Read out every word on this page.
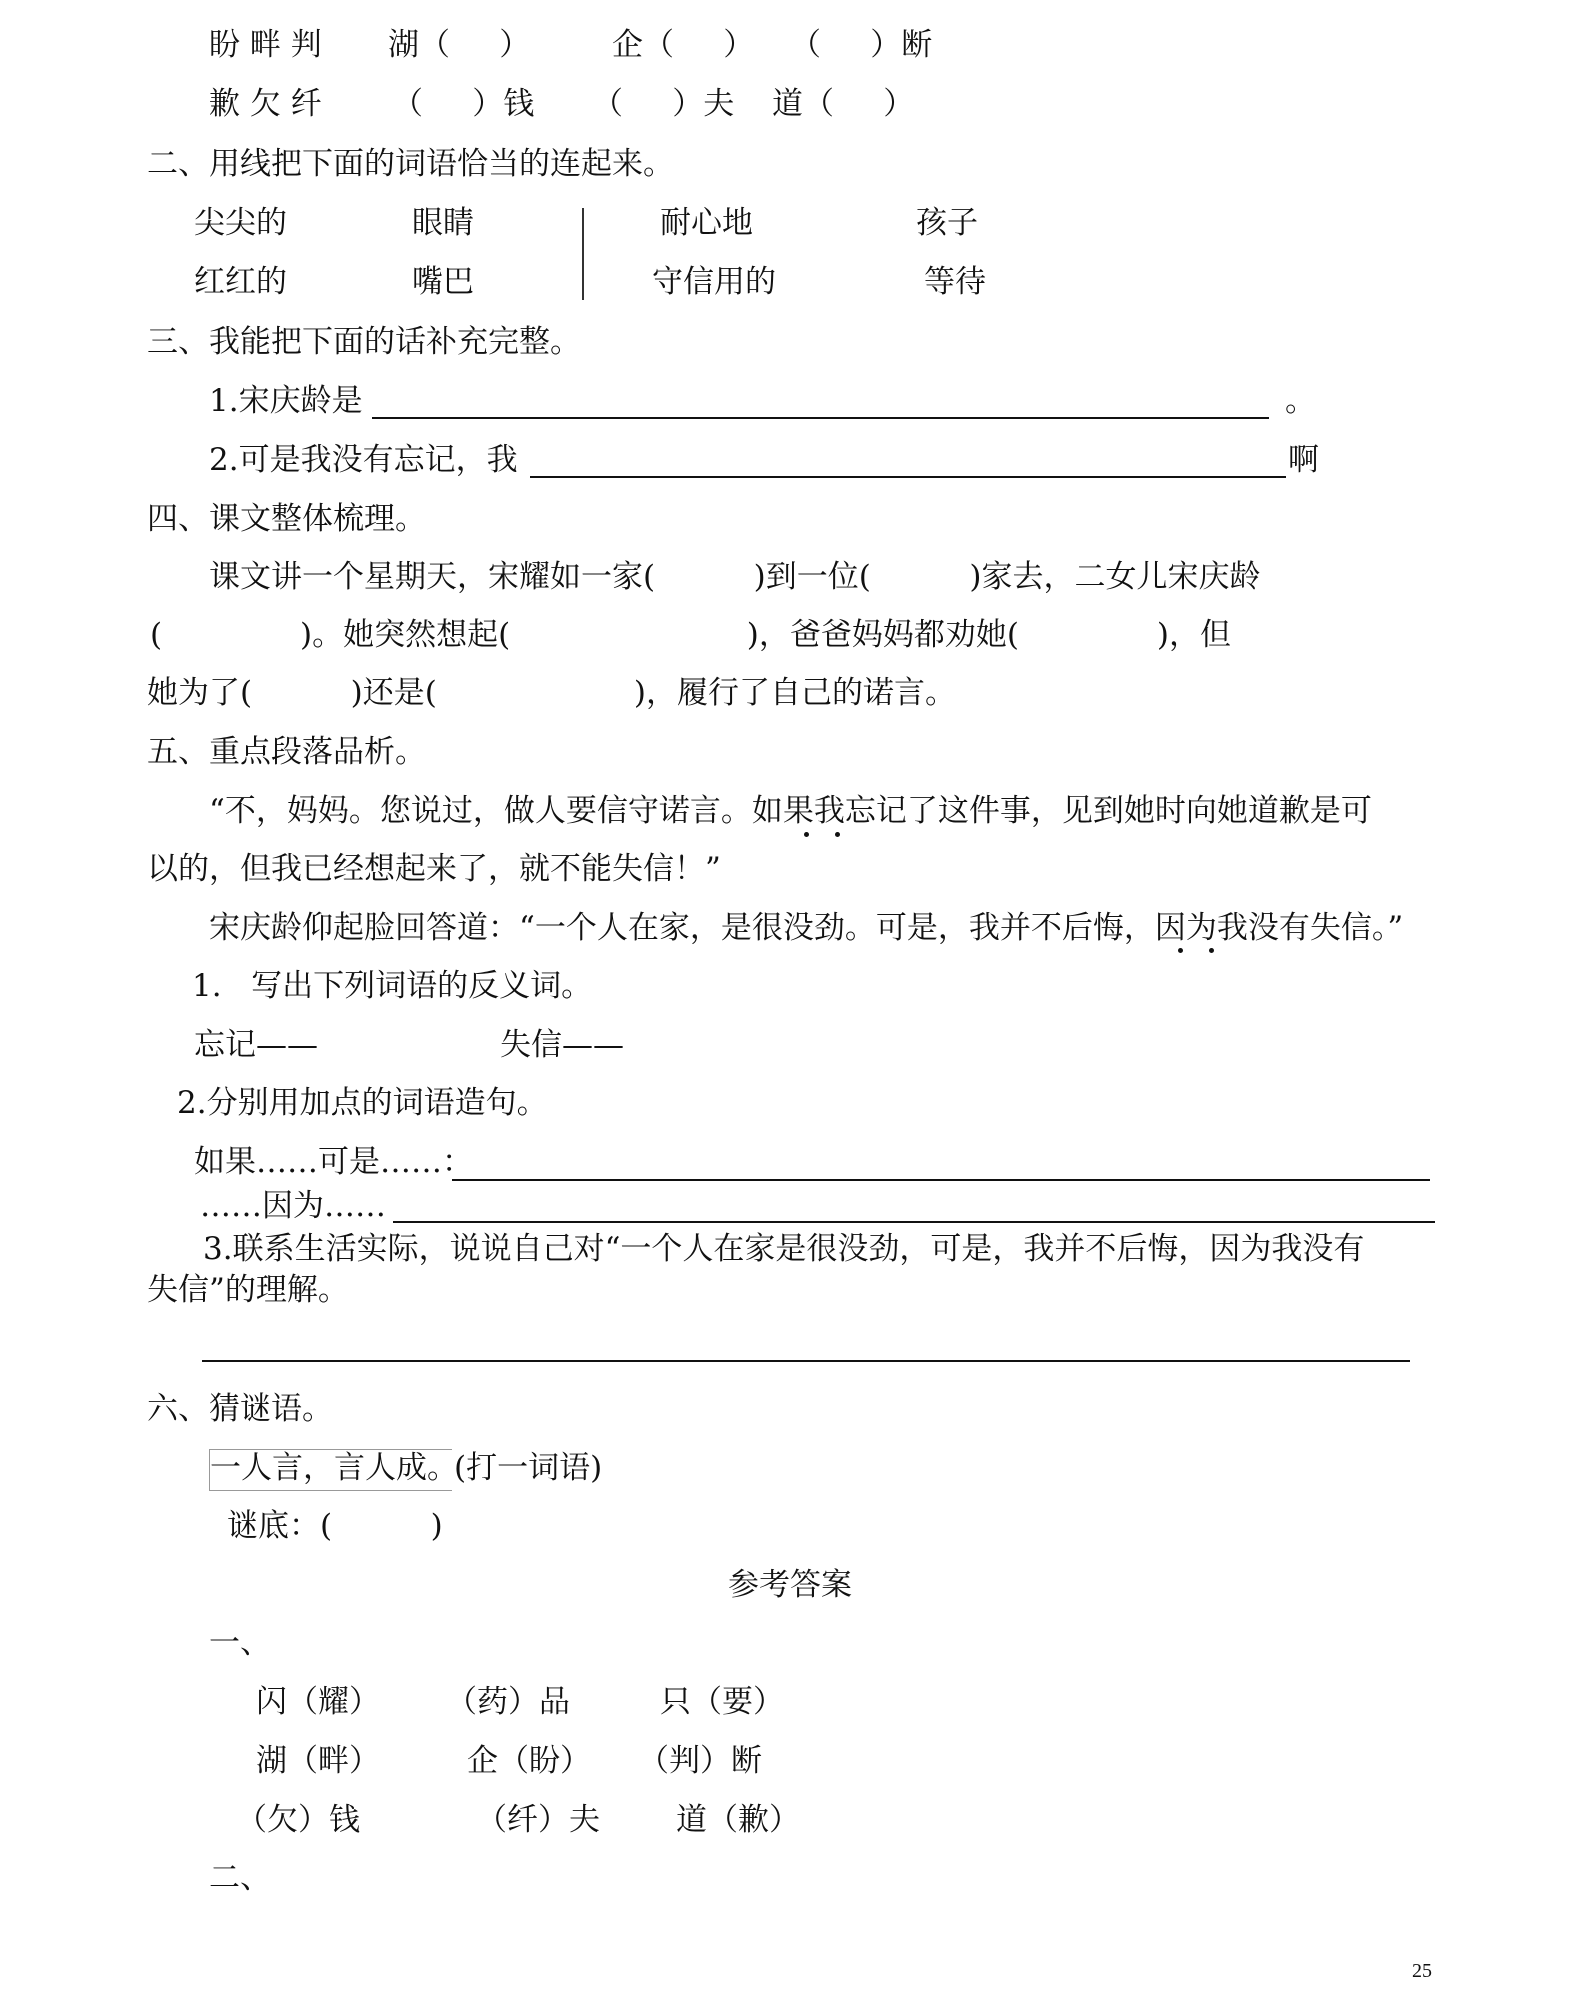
盼 畔 判 湖（     ）	企（     ） （     ）断
歉 欠 纤 （     ）钱 （     ）夫 道（     ）
二、用线把下面的词语恰当的连起来。
尖尖的	眼睛	耐心地	孩子
红红的	嘴巴	守信用的	等待
三、我能把下面的话补充完整。
1.宋庆龄是	。
2.可是我没有忘记，我	啊
四、课文整体梳理。
课文讲一个星期天，宋耀如一家(          )到一位(          )家去，二女儿宋庆龄
(              )。她突然想起(                        )，爸爸妈妈都劝她(              )，但
她为了(          )还是(                    )，履行了自己的诺言。
五、重点段落品析。
“不，妈妈。您说过，做人要信守诺言。如果我忘记了这件事，见到她时向她道歉是可
以的，但我已经想起来了，就不能失信！”
宋庆龄仰起脸回答道：“一个人在家，是很没劲。可是，我并不后悔，因为我没有失信。”
1.   写出下列词语的反义词。
忘记——	失信——
2.分别用加点的词语造句。
如果……可是……：
……因为……
3.联系生活实际，说说自己对“一个人在家是很没劲，可是，我并不后悔，因为我没有
失信”的理解。
六、猜谜语。
一人言，言人成。
(打一词语)
谜底：(          )
参考答案
一、
闪（耀） （药）品	只（要）
湖（畔）	企（盼） （判）断
（欠）钱	（纤）夫 道（歉）
二、
25
